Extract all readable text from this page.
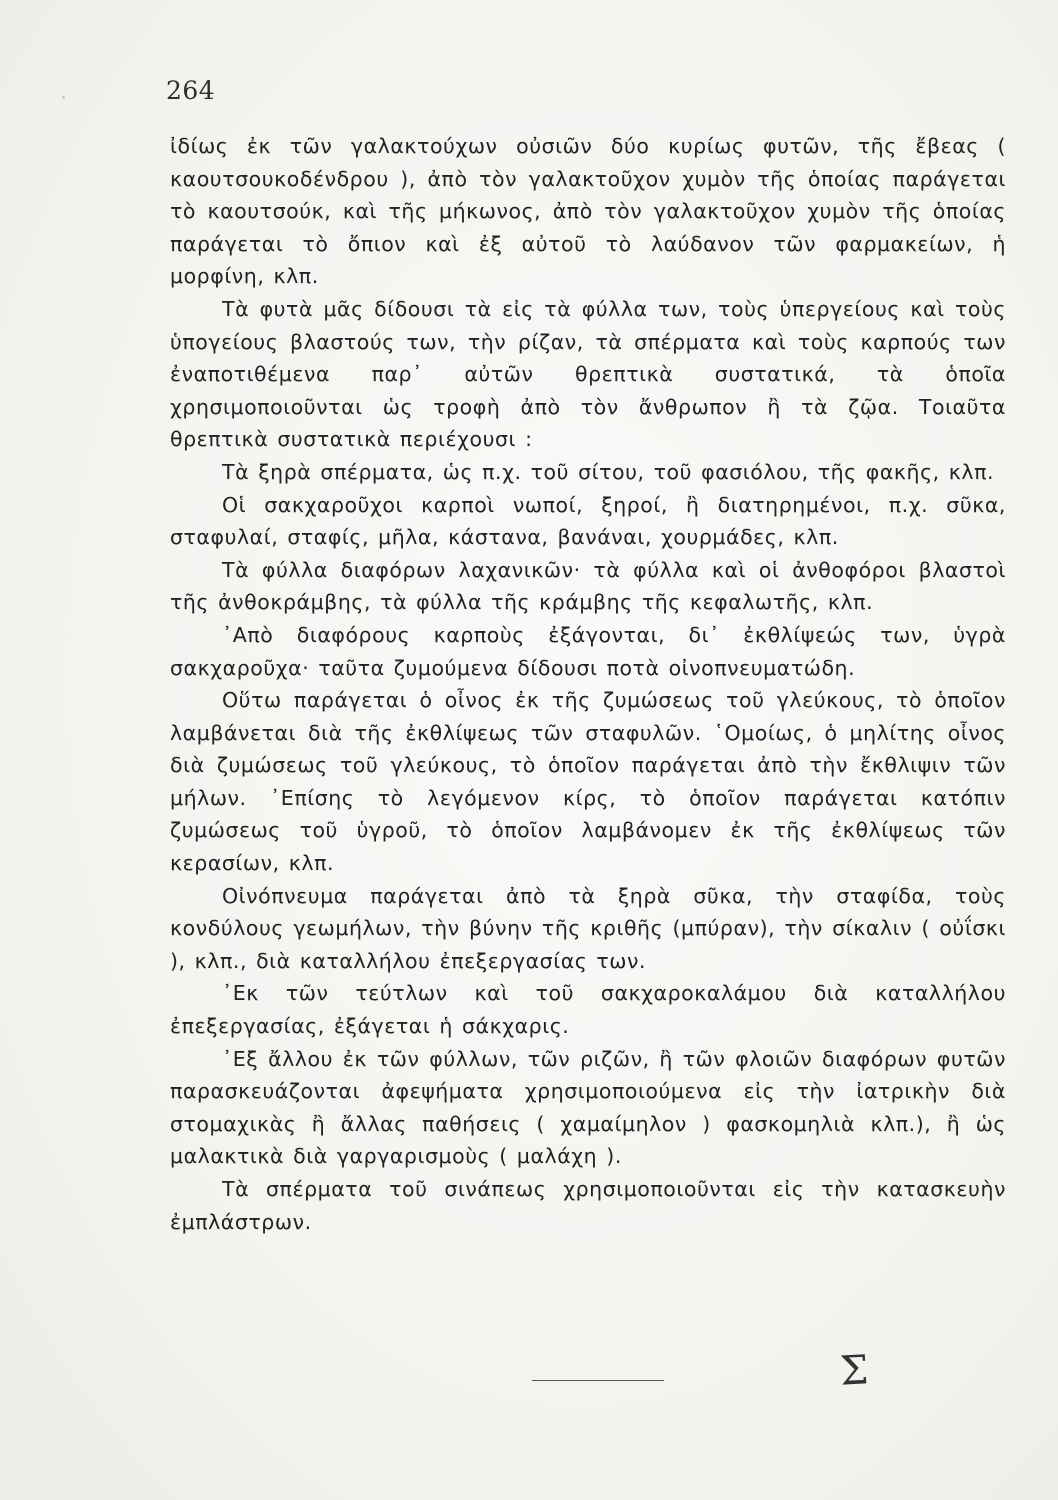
264

ἰδίως ἐκ τῶν γαλακτούχων οὐσιῶν δύο κυρίως φυτῶν, τῆς ἔβεας ( καουτσουκοδένδρου ), ἀπὸ τὸν γαλακτοῦχον χυμὸν τῆς ὁποίας παράγεται τὸ καουτσούκ, καὶ τῆς μήκωνος, ἀπὸ τὸν γαλακτοῦχον χυμὸν τῆς ὁποίας παράγεται τὸ ὄπιον καὶ ἐξ αὐτοῦ τὸ λαύδανον τῶν φαρμακείων, ἡ μορφίνη, κλπ.

Τὰ φυτὰ μᾶς δίδουσι τὰ εἰς τὰ φύλλα των, τοὺς ὑπεργείους καὶ τοὺς ὑπογείους βλαστούς των, τὴν ρίζαν, τὰ σπέρματα καὶ τοὺς καρπούς των ἐναποτιθέμενα παρ᾽ αὐτῶν θρεπτικὰ συστατικά, τὰ ὁποῖα χρησιμοποιοῦνται ὡς τροφὴ ἀπὸ τὸν ἄνθρωπον ἢ τὰ ζῷα. Τοιαῦτα θρεπτικὰ συστατικὰ περιέχουσι :

Τὰ ξηρὰ σπέρματα, ὡς π.χ. τοῦ σίτου, τοῦ φασιόλου, τῆς φακῆς, κλπ.

Οἱ σακχαροῦχοι καρποὶ νωποί, ξηροί, ἢ διατηρημένοι, π.χ. σῦκα, σταφυλαί, σταφίς, μῆλα, κάστανα, βανάναι, χουρμάδες, κλπ.

Τὰ φύλλα διαφόρων λαχανικῶν· τὰ φύλλα καὶ οἱ ἀνθοφόροι βλαστοὶ τῆς ἀνθοκράμβης, τὰ φύλλα τῆς κράμβης τῆς κεφαλωτῆς, κλπ.

᾽Απὸ διαφόρους καρποὺς ἐξάγονται, δι᾽ ἐκθλίψεώς των, ὑγρὰ σακχαροῦχα· ταῦτα ζυμούμενα δίδουσι ποτὰ οἰνοπνευματώδη.

Οὕτω παράγεται ὁ οἶνος ἐκ τῆς ζυμώσεως τοῦ γλεύκους, τὸ ὁποῖον λαμβάνεται διὰ τῆς ἐκθλίψεως τῶν σταφυλῶν. ῾Ομοίως, ὁ μηλίτης οἶνος διὰ ζυμώσεως τοῦ γλεύκους, τὸ ὁποῖον παράγεται ἀπὸ τὴν ἔκθλιψιν τῶν μήλων. ᾽Επίσης τὸ λεγόμενον κίρς, τὸ ὁποῖον παράγεται κατόπιν ζυμώσεως τοῦ ὑγροῦ, τὸ ὁποῖον λαμβάνομεν ἐκ τῆς ἐκθλίψεως τῶν κερασίων, κλπ.

Οἰνόπνευμα παράγεται ἀπὸ τὰ ξηρὰ σῦκα, τὴν σταφίδα, τοὺς κονδύλους γεωμήλων, τὴν βύνην τῆς κριθῆς (μπύραν), τὴν σίκαλιν ( οὐΐσκι ), κλπ., διὰ καταλλήλου ἐπεξεργασίας των.

᾽Εκ τῶν τεύτλων καὶ τοῦ σακχαροκαλάμου διὰ καταλλήλου ἐπεξεργασίας, ἐξάγεται ἡ σάκχαρις.

᾽Εξ ἄλλου ἐκ τῶν φύλλων, τῶν ριζῶν, ἢ τῶν φλοιῶν διαφόρων φυτῶν παρασκευάζονται ἀφεψήματα χρησιμοποιούμενα εἰς τὴν ἰατρικὴν διὰ στομαχικὰς ἢ ἄλλας παθήσεις ( χαμαίμηλον ) φασκομηλιὰ κλπ.), ἢ ὡς μαλακτικὰ διὰ γαργαρισμοὺς ( μαλάχη ).

Τὰ σπέρματα τοῦ σινάπεως χρησιμοποιοῦνται εἰς τὴν κατασκευὴν ἐμπλάστρων.

Σ
